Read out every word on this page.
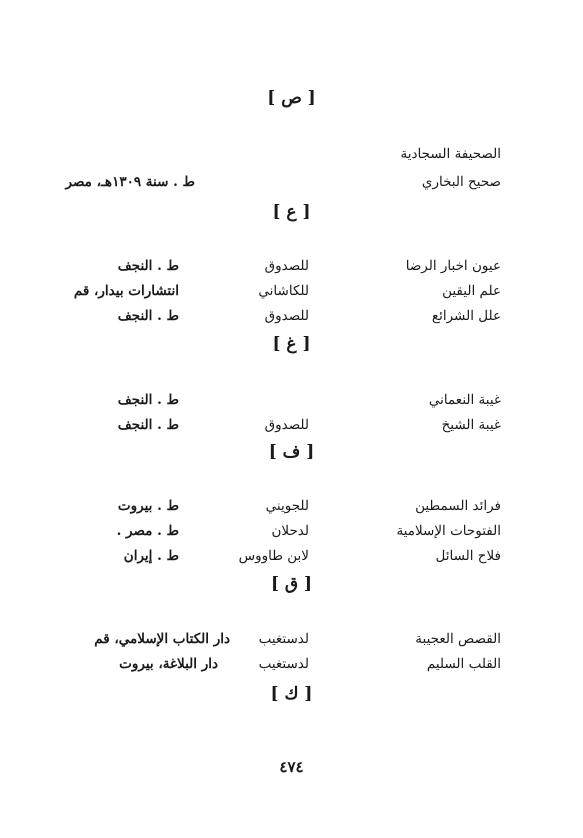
[ ص ]
الصحيفة السجادية
صحيح البخاري
ط . سنة ١٣٠٩هـ، مصر
[ ع ]
عيون اخبار الرضا
للصدوق
ط . النجف
علم اليقين
للكاشاني
انتشارات بيدار، قم
علل الشرائع
للصدوق
ط . النجف
[ غ ]
غيبة النعماني
ط . النجف
غيبة الشيخ
للصدوق
ط . النجف
[ ف ]
فرائد السمطين
للجويني
ط . بيروت
الفتوحات الإسلامية
لدحلان
ط . مصر .
فلاح السائل
لابن طاووس
ط . إيران
[ ق ]
القصص العجيبة
لدستغيب
دار الكتاب الإسلامي، قم
القلب السليم
لدستغيب
دار البلاغة، بيروت
[ ك ]
٤٧٤
